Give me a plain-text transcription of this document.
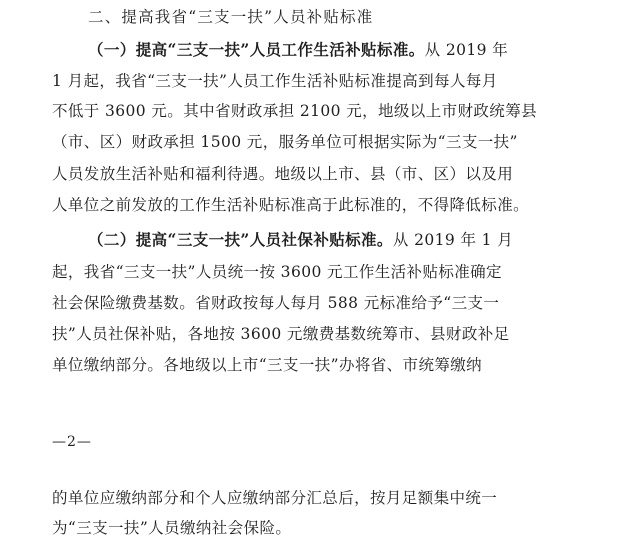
二、提高我省“三支一扶”人员补贴标准
（一）提高“三支一扶”人员工作生活补贴标准。从 2019 年
1 月起，我省“三支一扶”人员工作生活补贴标准提高到每人每月
不低于 3600 元。其中省财政承担 2100 元，地级以上市财政统筹县
（市、区）财政承担 1500 元，服务单位可根据实际为“三支一扶”
人员发放生活补贴和福利待遇。地级以上市、县（市、区）以及用
人单位之前发放的工作生活补贴标准高于此标准的，不得降低标准。
（二）提高“三支一扶”人员社保补贴标准。从 2019 年 1 月
起，我省“三支一扶”人员统一按 3600 元工作生活补贴标准确定
社会保险缴费基数。省财政按每人每月 588 元标准给予“三支一
扶”人员社保补贴，各地按 3600 元缴费基数统筹市、县财政补足
单位缴纳部分。各地级以上市“三支一扶”办将省、市统筹缴纳
—2—
的单位应缴纳部分和个人应缴纳部分汇总后，按月足额集中统一
为“三支一扶”人员缴纳社会保险。
